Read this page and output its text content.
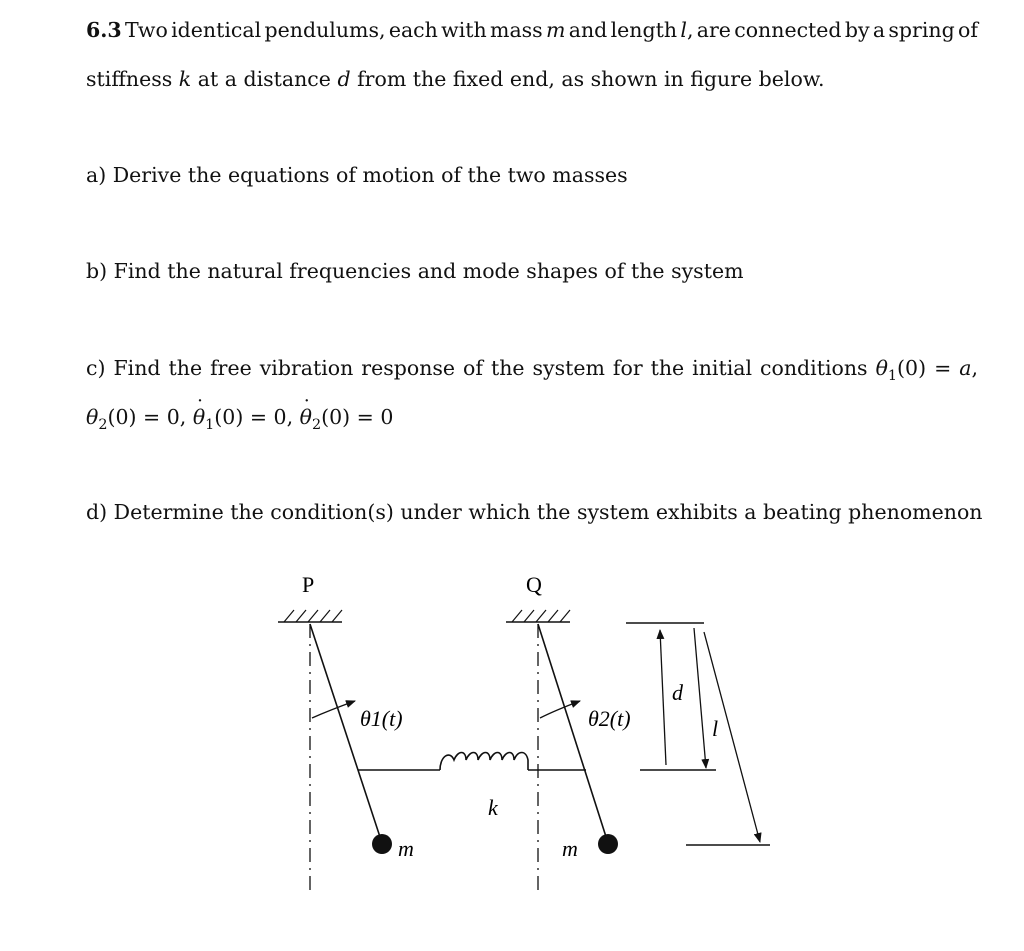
6.3 Two identical pendulums, each with mass m and length l, are connected by a spring of
stiffness k at a distance d from the fixed end, as shown in figure below.
a) Derive the equations of motion of the two masses
b) Find the natural frequencies and mode shapes of the system
c) Find the free vibration response of the system for the initial conditions $\theta_1(0) = a$,
$\theta_2(0) = 0$, θ $˙_1(0) = 0$, θ $˙_2(0) = 0$
d) Determine the condition(s) under which the system exhibits a beating phenomenon
P	Q
θ1(t)	θ2(t)
k
m	m
d
l
